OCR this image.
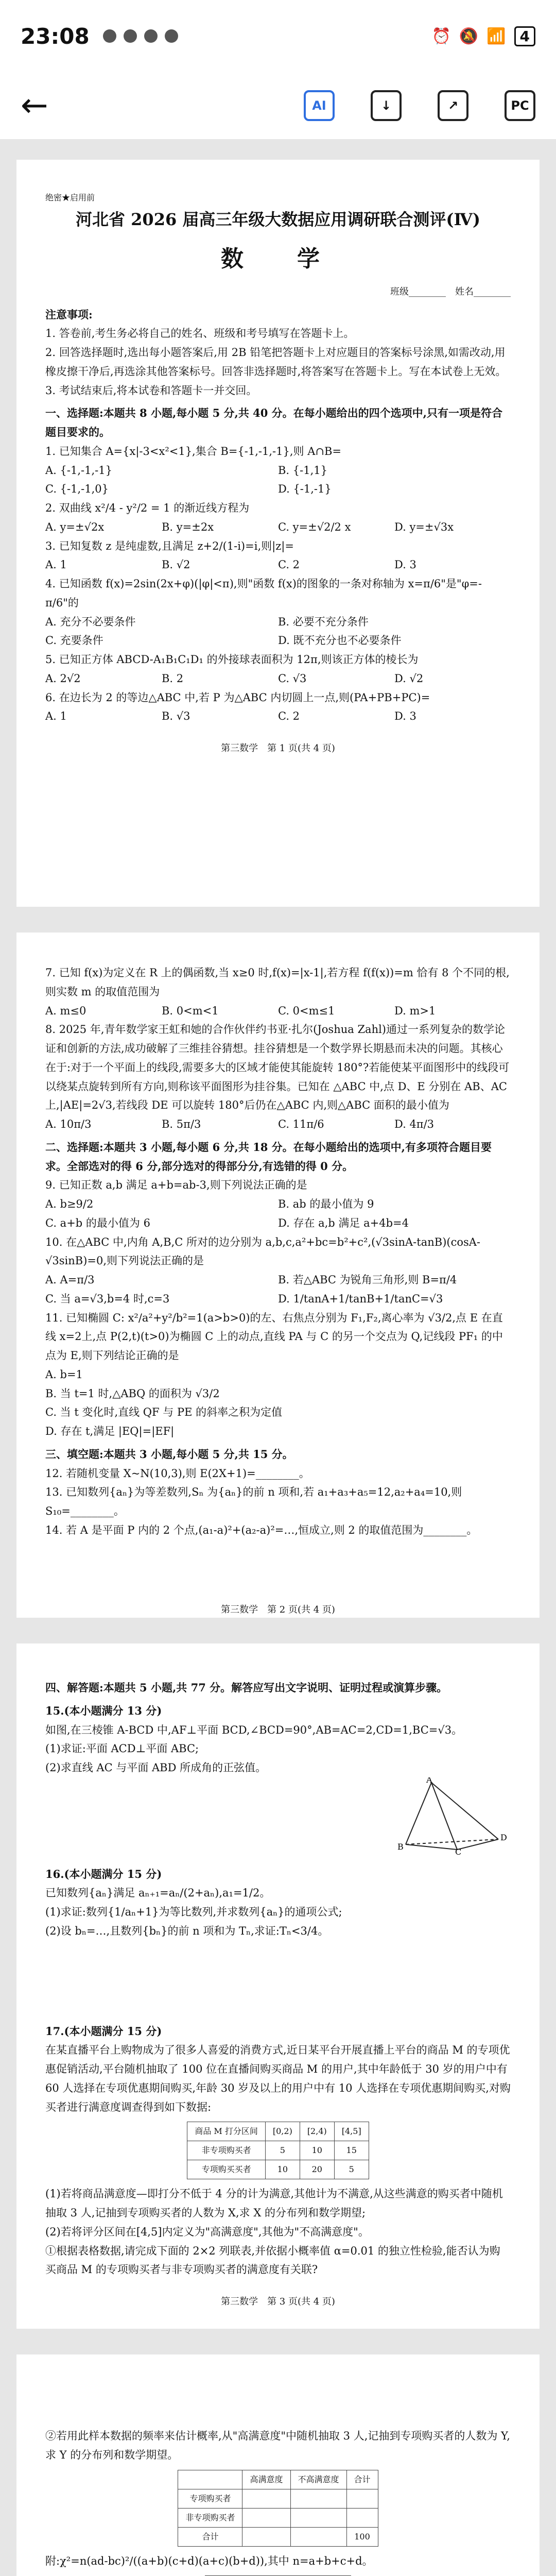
23:08	⏰ 🔕 📶 4
←	AI	↓	↗	PC
绝密★启用前
河北省 2026 届高三年级大数据应用调研联合测评(Ⅳ)
数　学
班级________　姓名________
注意事项:
1. 答卷前,考生务必将自己的姓名、班级和考号填写在答题卡上。
2. 回答选择题时,选出每小题答案后,用 2B 铅笔把答题卡上对应题目的答案标号涂黑,如需改动,用橡皮擦干净后,再选涂其他答案标号。回答非选择题时,将答案写在答题卡上。写在本试卷上无效。
3. 考试结束后,将本试卷和答题卡一并交回。
一、选择题:本题共 8 小题,每小题 5 分,共 40 分。在每小题给出的四个选项中,只有一项是符合题目要求的。
1. 已知集合 A={x|-3<x²<1},集合 B={-1,-1,-1},则 A∩B=
A. {-1,-1,-1}	B. {-1,1}
C. {-1,-1,0}	D. {-1,-1}
2. 双曲线 x²/4 - y²/2 = 1 的渐近线方程为
A. y=±√2x	B. y=±2x	C. y=±√2/2 x	D. y=±√3x
3. 已知复数 z 是纯虚数,且满足 z+2/(1-i)=i,则|z|=
A. 1	B. √2	C. 2	D. 3
4. 已知函数 f(x)=2sin(2x+φ)(|φ|<π),则"函数 f(x)的图象的一条对称轴为 x=π/6"是"φ=-π/6"的
A. 充分不必要条件	B. 必要不充分条件
C. 充要条件	D. 既不充分也不必要条件
5. 已知正方体 ABCD-A₁B₁C₁D₁ 的外接球表面积为 12π,则该正方体的棱长为
A. 2√2	B. 2	C. √3	D. √2
6. 在边长为 2 的等边△ABC 中,若 P 为△ABC 内切圆上一点,则(PA+PB+PC)=
A. 1	B. √3	C. 2	D. 3
第三数学　第 1 页(共 4 页)
7. 已知 f(x)为定义在 R 上的偶函数,当 x≥0 时,f(x)=|x-1|,若方程 f(f(x))=m 恰有 8 个不同的根,则实数 m 的取值范围为
A. m≤0	B. 0<m<1	C. 0<m≤1	D. m>1
8. 2025 年,青年数学家王虹和她的合作伙伴约书亚·扎尔(Joshua Zahl)通过一系列复杂的数学论证和创新的方法,成功破解了三维挂谷猜想。挂谷猜想是一个数学界长期悬而未决的问题。其核心在于:对于一个平面上的线段,需要多大的区域才能使其能旋转 180°?若能使某平面图形中的线段可以绕某点旋转到所有方向,则称该平面图形为挂谷集。已知在 △ABC 中,点 D、E 分别在 AB、AC 上,|AE|=2√3,若线段 DE 可以旋转 180°后仍在△ABC 内,则△ABC 面积的最小值为
A. 10π/3	B. 5π/3	C. 11π/6	D. 4π/3
二、选择题:本题共 3 小题,每小题 6 分,共 18 分。在每小题给出的选项中,有多项符合题目要求。全部选对的得 6 分,部分选对的得部分分,有选错的得 0 分。
9. 已知正数 a,b 满足 a+b=ab-3,则下列说法正确的是
A. b≥9/2	B. ab 的最小值为 9
C. a+b 的最小值为 6	D. 存在 a,b 满足 a+4b=4
10. 在△ABC 中,内角 A,B,C 所对的边分别为 a,b,c,a²+bc=b²+c²,(√3sinA-tanB)(cosA-√3sinB)=0,则下列说法正确的是
A. A=π/3	B. 若△ABC 为锐角三角形,则 B=π/4
C. 当 a=√3,b=4 时,c=3	D. 1/tanA+1/tanB+1/tanC=√3
11. 已知椭圆 C: x²/a²+y²/b²=1(a>b>0)的左、右焦点分别为 F₁,F₂,离心率为 √3/2,点 E 在直线 x=2上,点 P(2,t)(t>0)为椭圆 C 上的动点,直线 PA 与 C 的另一个交点为 Q,记线段 PF₁ 的中点为 E,则下列结论正确的是
A. b=1
B. 当 t=1 时,△ABQ 的面积为 √3/2
C. 当 t 变化时,直线 QF 与 PE 的斜率之积为定值
D. 存在 t,满足 |EQ|=|EF|
三、填空题:本题共 3 小题,每小题 5 分,共 15 分。
12. 若随机变量 X~N(10,3),则 E(2X+1)=________。
13. 已知数列{aₙ}为等差数列,Sₙ 为{aₙ}的前 n 项和,若 a₁+a₃+a₅=12,a₂+a₄=10,则 S₁₀=________。
14. 若 A 是平面 P 内的 2 个点,(a₁-a)²+(a₂-a)²=…,恒成立,则 2 的取值范围为________。
第三数学　第 2 页(共 4 页)
四、解答题:本题共 5 小题,共 77 分。解答应写出文字说明、证明过程或演算步骤。
15.(本小题满分 13 分)
如图,在三棱锥 A-BCD 中,AF⊥平面 BCD,∠BCD=90°,AB=AC=2,CD=1,BC=√3。
(1)求证:平面 ACD⊥平面 ABC;
(2)求直线 AC 与平面 ABD 所成角的正弦值。
A
B
C
D
16.(本小题满分 15 分)
已知数列{aₙ}满足 aₙ₊₁=aₙ/(2+aₙ),a₁=1/2。
(1)求证:数列{1/aₙ+1}为等比数列,并求数列{aₙ}的通项公式;
(2)设 bₙ=…,且数列{bₙ}的前 n 项和为 Tₙ,求证:Tₙ<3/4。
17.(本小题满分 15 分)
在某直播平台上购物成为了很多人喜爱的消费方式,近日某平台开展直播上平台的商品 M 的专项优惠促销活动,平台随机抽取了 100 位在直播间购买商品 M 的用户,其中年龄低于 30 岁的用户中有 60 人选择在专项优惠期间购买,年龄 30 岁及以上的用户中有 10 人选择在专项优惠期间购买,对购买者进行满意度调查得到如下数据:
商品 M 打分区间	[0,2)	[2,4)	[4,5]
非专项购买者	5	10	15
专项购买买者	10	20	5
(1)若将商品满意度—即打分不低于 4 分的计为满意,其他计为不满意,从这些满意的购买者中随机抽取 3 人,记抽到专项购买者的人数为 X,求 X 的分布列和数学期望;
(2)若将评分区间在[4,5]内定义为"高满意度",其他为"不高满意度"。
①根据表格数据,请完成下面的 2×2 列联表,并依据小概率值 α=0.01 的独立性检验,能否认为购买商品 M 的专项购买者与非专项购买者的满意度有关联?
第三数学　第 3 页(共 4 页)
②若用此样本数据的频率来估计概率,从"高满意度"中随机抽取 3 人,记抽到专项购买者的人数为 Y,求 Y 的分布列和数学期望。
	高满意度	不高满意度	合计
专项购买者			
非专项购买者			
合计			100
附:χ²=n(ad-bc)²/((a+b)(c+d)(a+c)(b+d)),其中 n=a+b+c+d。
